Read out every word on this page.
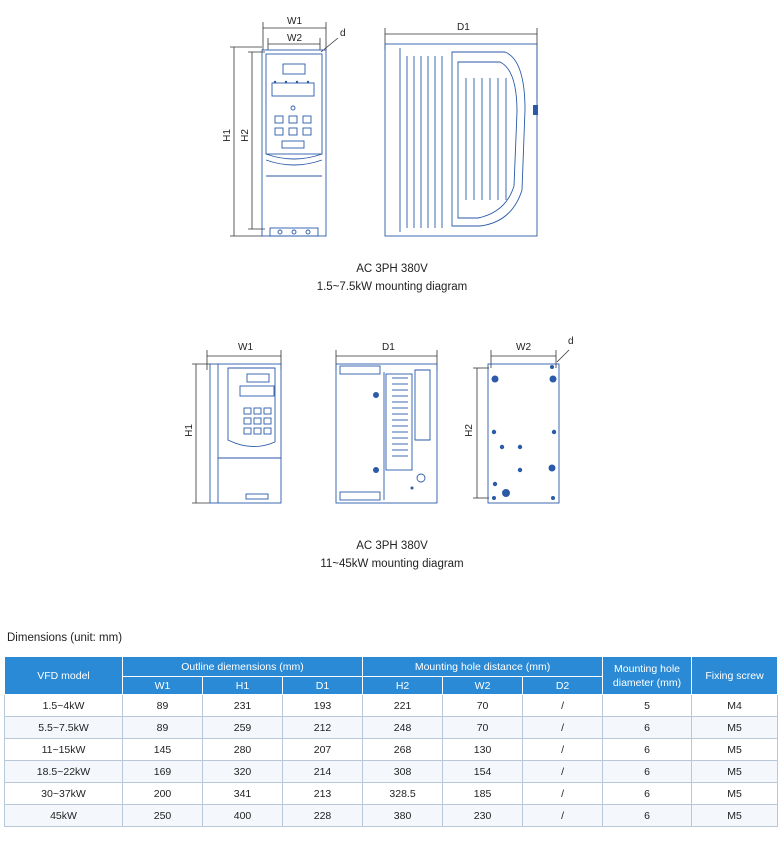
W1
W2	d
H1 H2
D1
AC 3PH 380V
1.5~7.5kW mounting diagram
W1
H1
D1	W2
d
H2
AC 3PH 380V
11~45kW mounting diagram
Dimensions (unit: mm)
VFD model	Outline diemensions (mm)			Mounting hole distance (mm)			Mounting hole diameter (mm)	Fixing screw
	W1	H1	D1	H2	W2	D2		
1.5~4kW	89	231	193	221	70	/	5	M4
5.5~7.5kW	89	259	212	248	70	/	6	M5
11~15kW	145	280	207	268	130	/	6	M5
18.5~22kW	169	320	214	308	154	/	6	M5
30~37kW	200	341	213	328.5	185	/	6	M5
45kW	250	400	228	380	230	/	6	M5
